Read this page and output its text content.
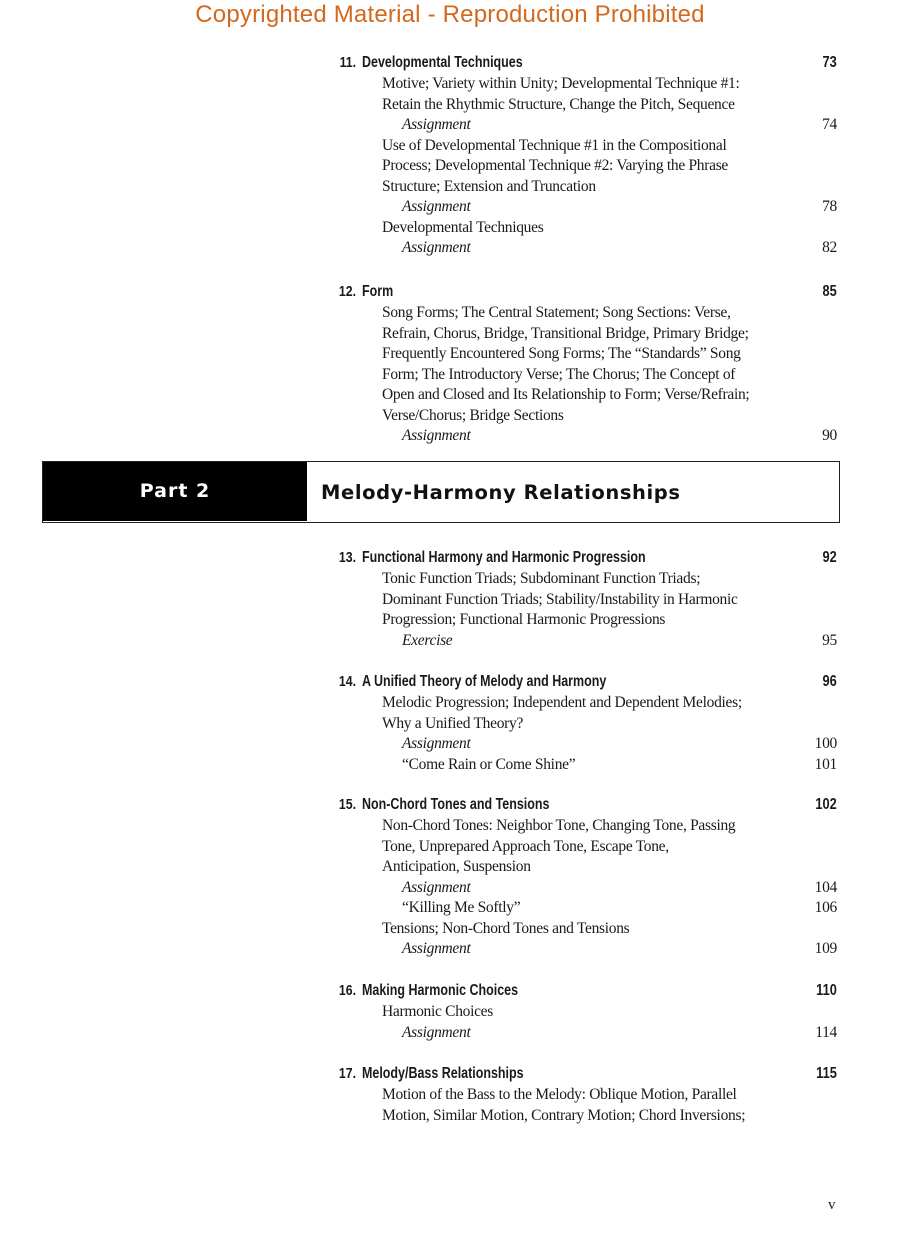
Copyrighted Material - Reproduction Prohibited
11. Developmental Techniques	73
Motive; Variety within Unity; Developmental Technique #1:
Retain the Rhythmic Structure, Change the Pitch, Sequence
Assignment	74
Use of Developmental Technique #1 in the Compositional
Process; Developmental Technique #2: Varying the Phrase
Structure; Extension and Truncation
Assignment	78
Developmental Techniques
Assignment	82
12. Form	85
Song Forms; The Central Statement; Song Sections: Verse,
Refrain, Chorus, Bridge, Transitional Bridge, Primary Bridge;
Frequently Encountered Song Forms; The “Standards” Song
Form; The Introductory Verse; The Chorus; The Concept of
Open and Closed and Its Relationship to Form; Verse/Refrain;
Verse/Chorus; Bridge Sections
Assignment	90
Part 2	Melody-Harmony Relationships
13. Functional Harmony and Harmonic Progression	92
Tonic Function Triads; Subdominant Function Triads;
Dominant Function Triads; Stability/Instability in Harmonic
Progression; Functional Harmonic Progressions
Exercise	95
14. A Unified Theory of Melody and Harmony	96
Melodic Progression; Independent and Dependent Melodies;
Why a Unified Theory?
Assignment	100
“Come Rain or Come Shine”	101
15. Non-Chord Tones and Tensions	102
Non-Chord Tones: Neighbor Tone, Changing Tone, Passing
Tone, Unprepared Approach Tone, Escape Tone,
Anticipation, Suspension
Assignment	104
“Killing Me Softly”	106
Tensions; Non-Chord Tones and Tensions
Assignment	109
16. Making Harmonic Choices	110
Harmonic Choices
Assignment	114
17. Melody/Bass Relationships	115
Motion of the Bass to the Melody: Oblique Motion, Parallel
Motion, Similar Motion, Contrary Motion; Chord Inversions;
v
